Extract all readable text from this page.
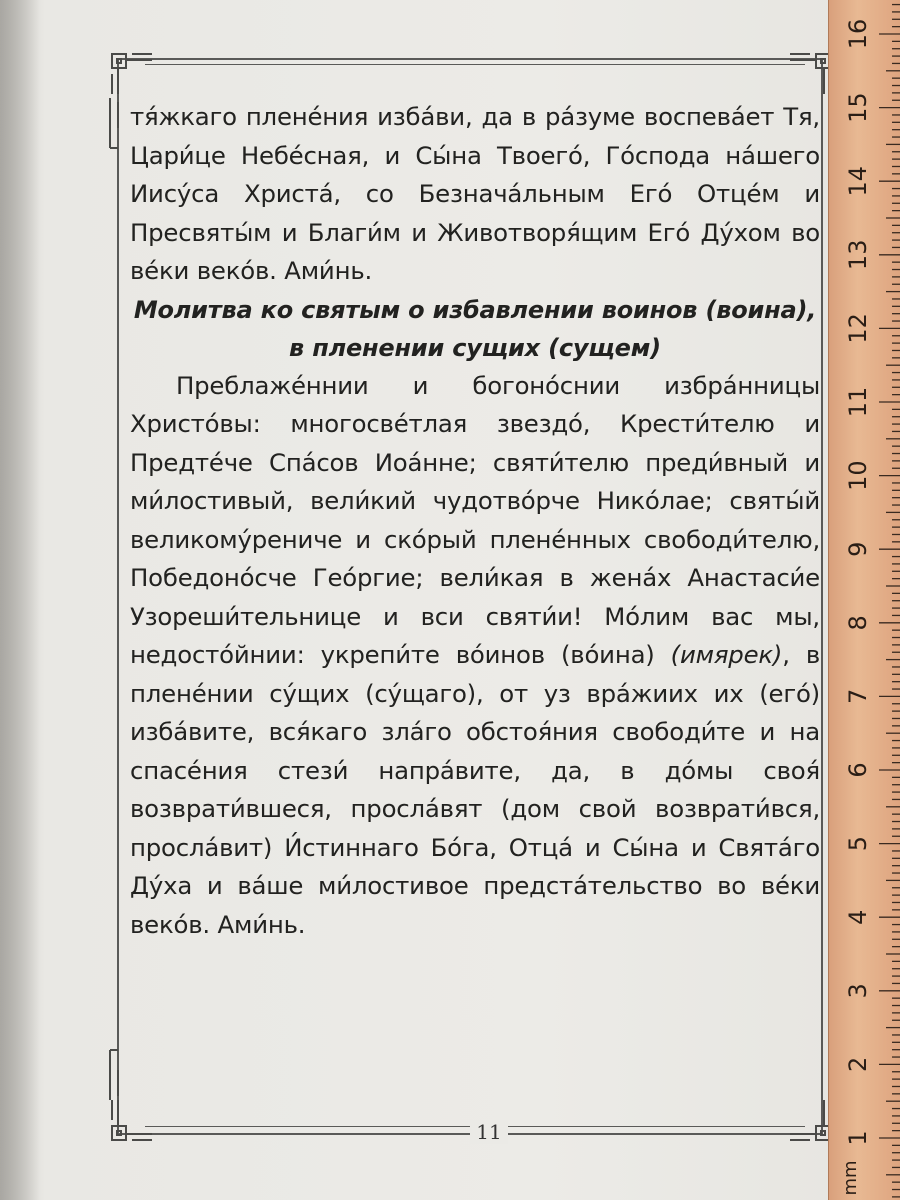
тя́жкаго плене́ния изба́ви, да в ра́зуме воспева́ет Тя, Цари́це Небе́сная, и Сы́на Твоего́, Го́спода на́шего Иису́са Христа́, со Безнача́льным Его́ Отце́м и Пресвяты́м и Благи́м и Животворя́щим Его́ Ду́хом во ве́ки веко́в. Ами́нь.

Молитва ко святым о избавлении воинов (воина), в пленении сущих (сущем)

Преблаже́ннии и богоно́снии избра́нницы Христо́вы: многосве́тлая звездо́, Крести́телю и Предте́че Спа́сов Иоа́нне; святи́телю преди́вный и ми́лостивый, вели́кий чудотво́рче Нико́лае; святы́й великому́рениче и ско́рый плене́нных свободи́телю, Победоно́сче Гео́ргие; вели́кая в жена́х Анастаси́е Узореши́тельнице и вси святи́и! Мо́лим вас мы, недосто́йнии: укрепи́те во́инов (во́ина) (имярек), в плене́нии су́щих (су́щаго), от уз вра́жиих их (его́) изба́вите, вся́каго зла́го обстоя́ния свободи́те и на спасе́ния стези́ напра́вите, да, в до́мы своя́ возврати́вшеся, просла́вят (дом свой возврати́вся, просла́вит) И́стиннаго Бо́га, Отца́ и Сы́на и Свята́го Ду́ха и ва́ше ми́лостивое предста́тельство во ве́ки веко́в. Ами́нь.

11	1
2
3
4
5
6
7
8
9
10
11
12
13
14
15
16
mm
